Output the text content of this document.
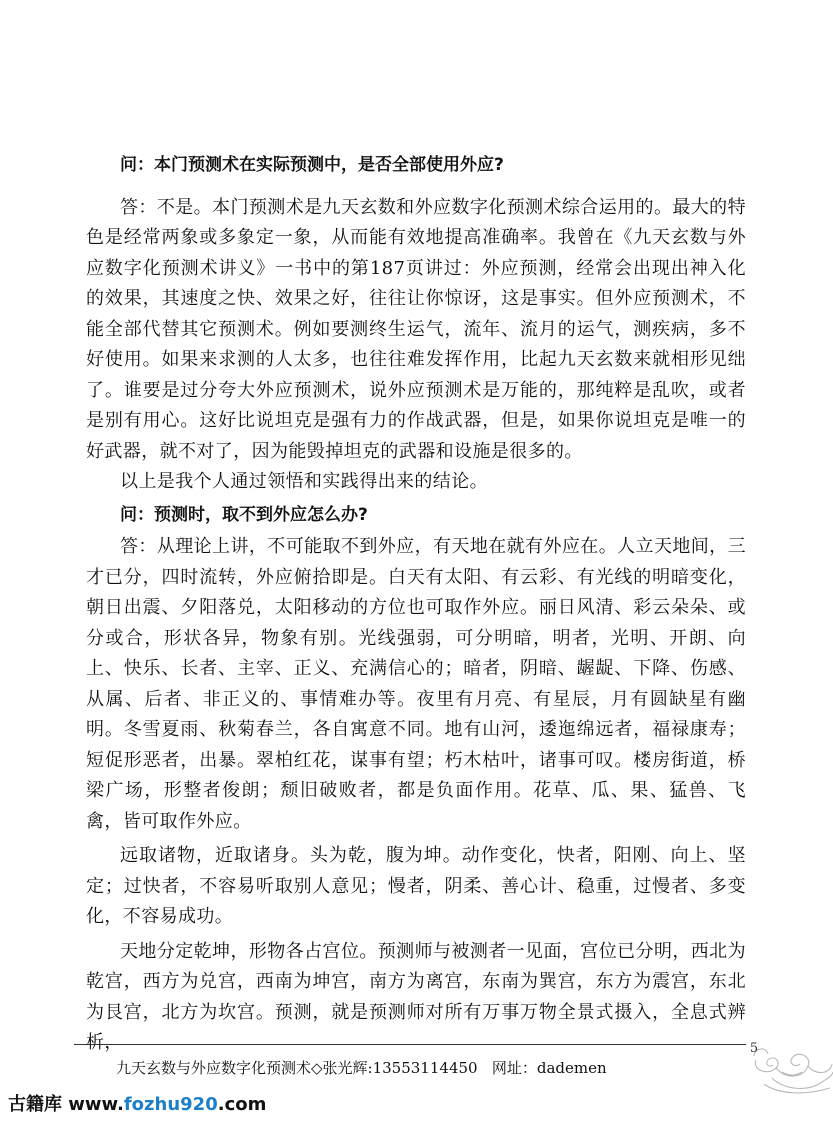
问：本门预测术在实际预测中，是否全部使用外应?

答：不是。本门预测术是九天玄数和外应数字化预测术综合运用的。最大的特色是经常两象或多象定一象，从而能有效地提高准确率。我曾在《九天玄数与外应数字化预测术讲义》一书中的第187页讲过：外应预测，经常会出现出神入化的效果，其速度之快、效果之好，往往让你惊讶，这是事实。但外应预测术，不能全部代替其它预测术。例如要测终生运气，流年、流月的运气，测疾病，多不好使用。如果来求测的人太多，也往往难发挥作用，比起九天玄数来就相形见绌了。谁要是过分夸大外应预测术，说外应预测术是万能的，那纯粹是乱吹，或者是别有用心。这好比说坦克是强有力的作战武器，但是，如果你说坦克是唯一的好武器，就不对了，因为能毁掉坦克的武器和设施是很多的。

以上是我个人通过领悟和实践得出来的结论。

问：预测时，取不到外应怎么办?

答：从理论上讲，不可能取不到外应，有天地在就有外应在。人立天地间，三才已分，四时流转，外应俯拾即是。白天有太阳、有云彩、有光线的明暗变化，朝日出震、夕阳落兑，太阳移动的方位也可取作外应。丽日风清、彩云朵朵、或分或合，形状各异，物象有别。光线强弱，可分明暗，明者，光明、开朗、向上、快乐、长者、主宰、正义、充满信心的；暗者，阴暗、龌龊、下降、伤感、从属、后者、非正义的、事情难办等。夜里有月亮、有星辰，月有圆缺星有幽明。冬雪夏雨、秋菊春兰，各自寓意不同。地有山河，逶迤绵远者，福禄康寿；短促形恶者，出暴。翠柏红花，谋事有望；朽木枯叶，诸事可叹。楼房街道，桥梁广场，形整者俊朗；颓旧破败者，都是负面作用。花草、瓜、果、猛兽、飞禽，皆可取作外应。

远取诸物，近取诸身。头为乾，腹为坤。动作变化，快者，阳刚、向上、坚定；过快者，不容易听取别人意见；慢者，阴柔、善心计、稳重，过慢者、多变化，不容易成功。

天地分定乾坤，形物各占宫位。预测师与被测者一见面，宫位已分明，西北为乾宫，西方为兑宫，西南为坤宫，南方为离宫，东南为巽宫，东方为震宫，东北为艮宫，北方为坎宫。预测，就是预测师对所有万事万物全景式摄入，全息式辨析，

九天玄数与外应数字化预测术◇张光辉:13553114450   网址：dademen
5
古籍库 www.fozhu920.com
